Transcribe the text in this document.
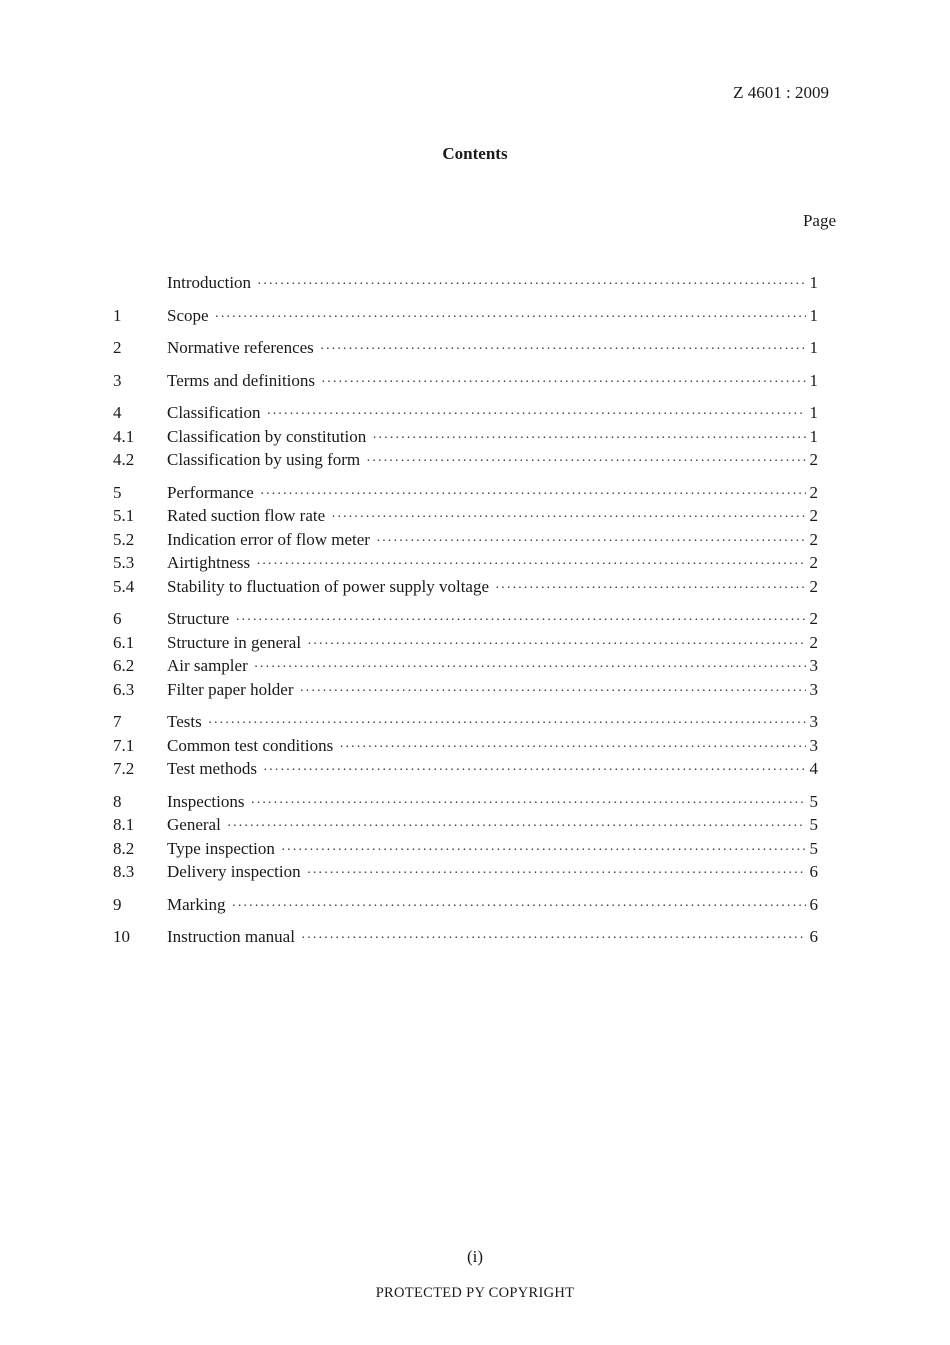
Z 4601 : 2009
Contents
Page
Introduction ·····	1
1	Scope ·····	1
2	Normative references ·····	1
3	Terms and definitions ·····	1
4	Classification ·····	1
4.1	Classification by constitution ·····	1
4.2	Classification by using form ·····	2
5	Performance ·····	2
5.1	Rated suction flow rate ·····	2
5.2	Indication error of flow meter ·····	2
5.3	Airtightness ·····	2
5.4	Stability to fluctuation of power supply voltage ·····	2
6	Structure ·····	2
6.1	Structure in general ·····	2
6.2	Air sampler ·····	3
6.3	Filter paper holder ·····	3
7	Tests ·····	3
7.1	Common test conditions ·····	3
7.2	Test methods ·····	4
8	Inspections ·····	5
8.1	General ·····	5
8.2	Type inspection ·····	5
8.3	Delivery inspection ·····	6
9	Marking ·····	6
10	Instruction manual ·····	6
(i)
PROTECTED PY COPYRIGHT
